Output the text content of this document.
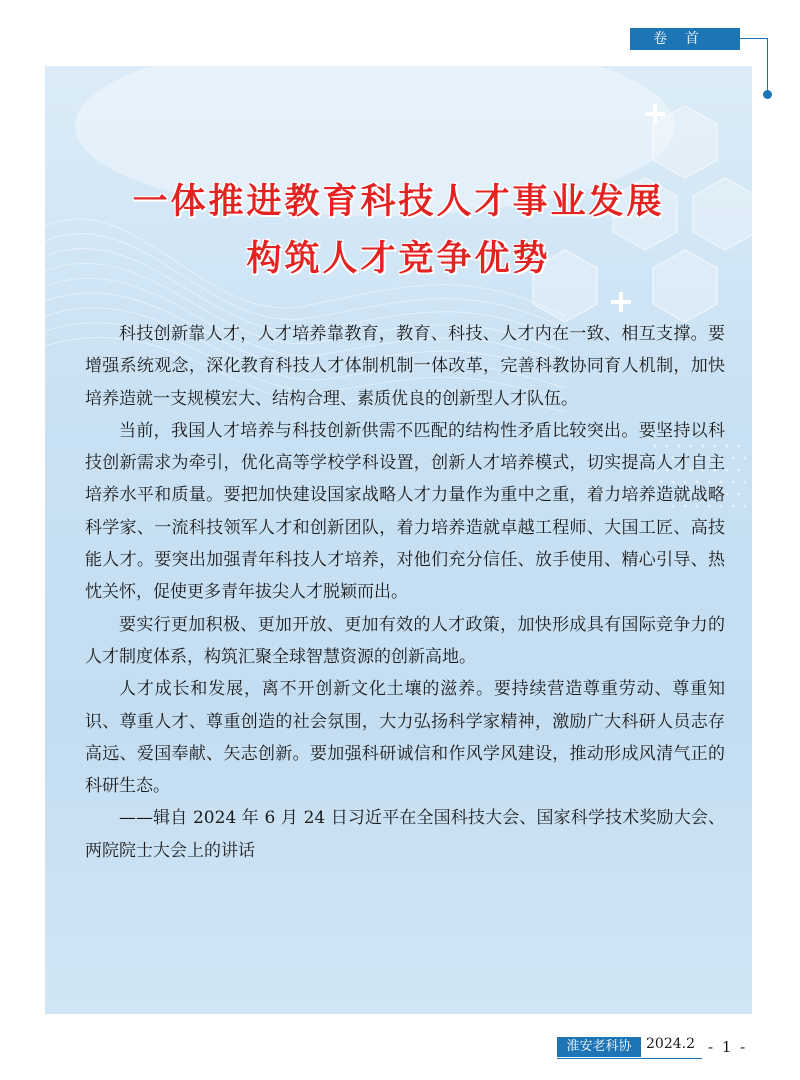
卷首
一体推进教育科技人才事业发展
构筑人才竞争优势

科技创新靠人才，人才培养靠教育，教育、科技、人才内在一致、相互支撑。要增强系统观念，深化教育科技人才体制机制一体改革，完善科教协同育人机制，加快培养造就一支规模宏大、结构合理、素质优良的创新型人才队伍。

当前，我国人才培养与科技创新供需不匹配的结构性矛盾比较突出。要坚持以科技创新需求为牵引，优化高等学校学科设置，创新人才培养模式，切实提高人才自主培养水平和质量。要把加快建设国家战略人才力量作为重中之重，着力培养造就战略科学家、一流科技领军人才和创新团队，着力培养造就卓越工程师、大国工匠、高技能人才。要突出加强青年科技人才培养，对他们充分信任、放手使用、精心引导、热忱关怀，促使更多青年拔尖人才脱颖而出。

要实行更加积极、更加开放、更加有效的人才政策，加快形成具有国际竞争力的人才制度体系，构筑汇聚全球智慧资源的创新高地。

人才成长和发展，离不开创新文化土壤的滋养。要持续营造尊重劳动、尊重知识、尊重人才、尊重创造的社会氛围，大力弘扬科学家精神，激励广大科研人员志存高远、爱国奉献、矢志创新。要加强科研诚信和作风学风建设，推动形成风清气正的科研生态。

——辑自 2024 年 6 月 24 日习近平在全国科技大会、国家科学技术奖励大会、两院院士大会上的讲话

淮安老科协	2024.2 - 1 -
